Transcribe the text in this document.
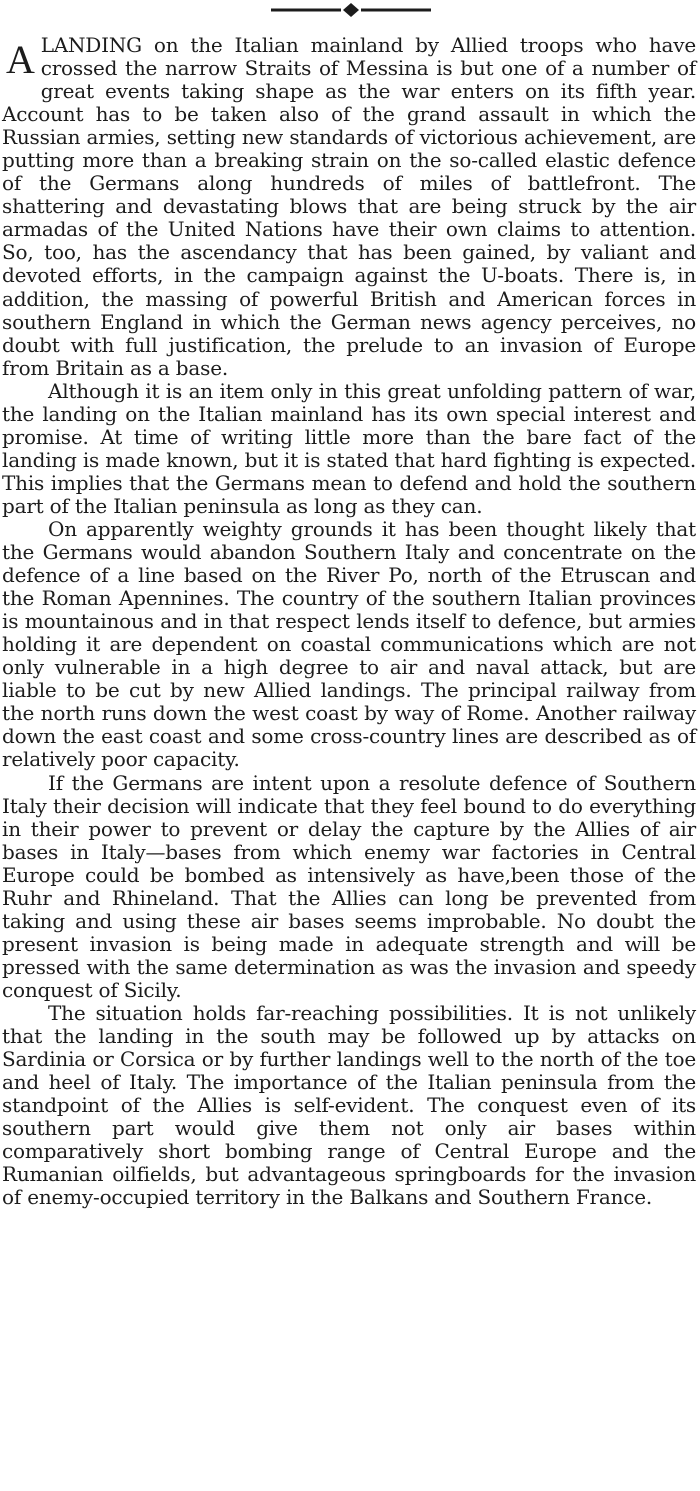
ALANDING on the Italian mainland by Allied troops who have crossed the narrow Straits of Messina is but one of a number of great events taking shape as the war enters on its fifth year. Account has to be taken also of the grand assault in which the Russian armies, setting new standards of victorious achievement, are putting more than a breaking strain on the so-called elastic defence of the Germans along hundreds of miles of battlefront. The shattering and devastating blows that are being struck by the air armadas of the United Nations have their own claims to attention. So, too, has the ascendancy that has been gained, by valiant and devoted efforts, in the campaign against the U-boats. There is, in addition, the massing of powerful British and American forces in southern England in which the German news agency perceives, no doubt with full justification, the prelude to an invasion of Europe from Britain as a base.

Although it is an item only in this great unfolding pattern of war, the landing on the Italian mainland has its own special interest and promise. At time of writing little more than the bare fact of the landing is made known, but it is stated that hard fighting is expected. This implies that the Germans mean to defend and hold the southern part of the Italian peninsula as long as they can.

On apparently weighty grounds it has been thought likely that the Germans would abandon Southern Italy and concentrate on the defence of a line based on the River Po, north of the Etruscan and the Roman Apennines. The country of the southern Italian provinces is mountainous and in that respect lends itself to defence, but armies holding it are dependent on coastal communications which are not only vulnerable in a high degree to air and naval attack, but are liable to be cut by new Allied landings. The principal railway from the north runs down the west coast by way of Rome. Another railway down the east coast and some cross-country lines are described as of relatively poor capacity.

If the Germans are intent upon a resolute defence of Southern Italy their decision will indicate that they feel bound to do everything in their power to prevent or delay the capture by the Allies of air bases in Italy—bases from which enemy war factories in Central Europe could be bombed as intensively as have,been those of the Ruhr and Rhineland. That the Allies can long be prevented from taking and using these air bases seems improbable. No doubt the present invasion is being made in adequate strength and will be pressed with the same determination as was the invasion and speedy conquest of Sicily.

The situation holds far-reaching possibilities. It is not unlikely that the landing in the south may be followed up by attacks on Sardinia or Corsica or by further landings well to the north of the toe and heel of Italy. The importance of the Italian peninsula from the standpoint of the Allies is self-evident. The conquest even of its southern part would give them not only air bases within comparatively short bombing range of Central Europe and the Rumanian oilfields, but advantageous springboards for the invasion of enemy-occupied territory in the Balkans and Southern France.
